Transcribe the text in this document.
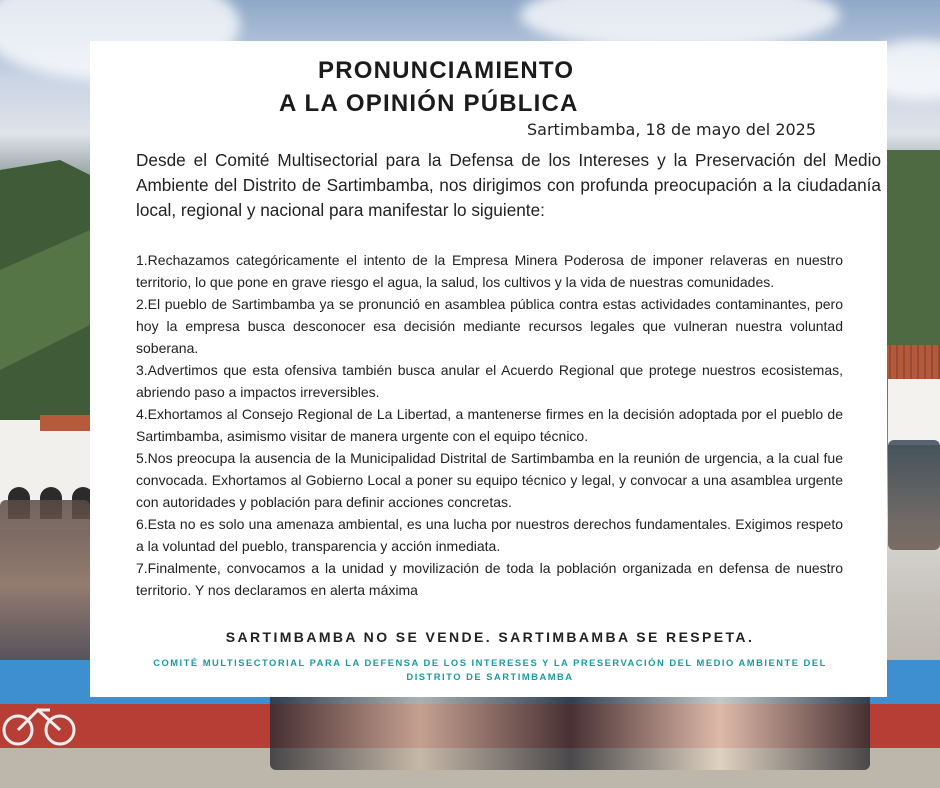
PRONUNCIAMIENTO
A LA OPINIÓN PÚBLICA
Sartimbamba, 18 de mayo del 2025
Desde el Comité Multisectorial para la Defensa de los Intereses y la Preservación del Medio Ambiente del Distrito de Sartimbamba, nos dirigimos con profunda preocupación a la ciudadanía local, regional y nacional para manifestar lo siguiente:

1.Rechazamos categóricamente el intento de la Empresa Minera Poderosa de imponer relaveras en nuestro territorio, lo que pone en grave riesgo el agua, la salud, los cultivos y la vida de nuestras comunidades.

2.El pueblo de Sartimbamba ya se pronunció en asamblea pública contra estas actividades contaminantes, pero hoy la empresa busca desconocer esa decisión mediante recursos legales que vulneran nuestra voluntad soberana.

3.Advertimos que esta ofensiva también busca anular el Acuerdo Regional que protege nuestros ecosistemas, abriendo paso a impactos irreversibles.

4.Exhortamos al Consejo Regional de La Libertad, a mantenerse firmes en la decisión adoptada por el pueblo de Sartimbamba, asimismo visitar de manera urgente con el equipo técnico.

5.Nos preocupa la ausencia de la Municipalidad Distrital de Sartimbamba en la reunión de urgencia, a la cual fue convocada. Exhortamos al Gobierno Local a poner su equipo técnico y legal, y convocar a una asamblea urgente con autoridades y población para definir acciones concretas.

6.Esta no es solo una amenaza ambiental, es una lucha por nuestros derechos fundamentales. Exigimos respeto a la voluntad del pueblo, transparencia y acción inmediata.

7.Finalmente, convocamos a la unidad y movilización de toda la población organizada en defensa de nuestro territorio. Y nos declaramos en alerta máxima

SARTIMBAMBA NO SE VENDE. SARTIMBAMBA SE RESPETA.
COMITÉ MULTISECTORIAL PARA LA DEFENSA DE LOS INTERESES Y LA PRESERVACIÓN DEL MEDIO AMBIENTE DEL DISTRITO DE SARTIMBAMBA
